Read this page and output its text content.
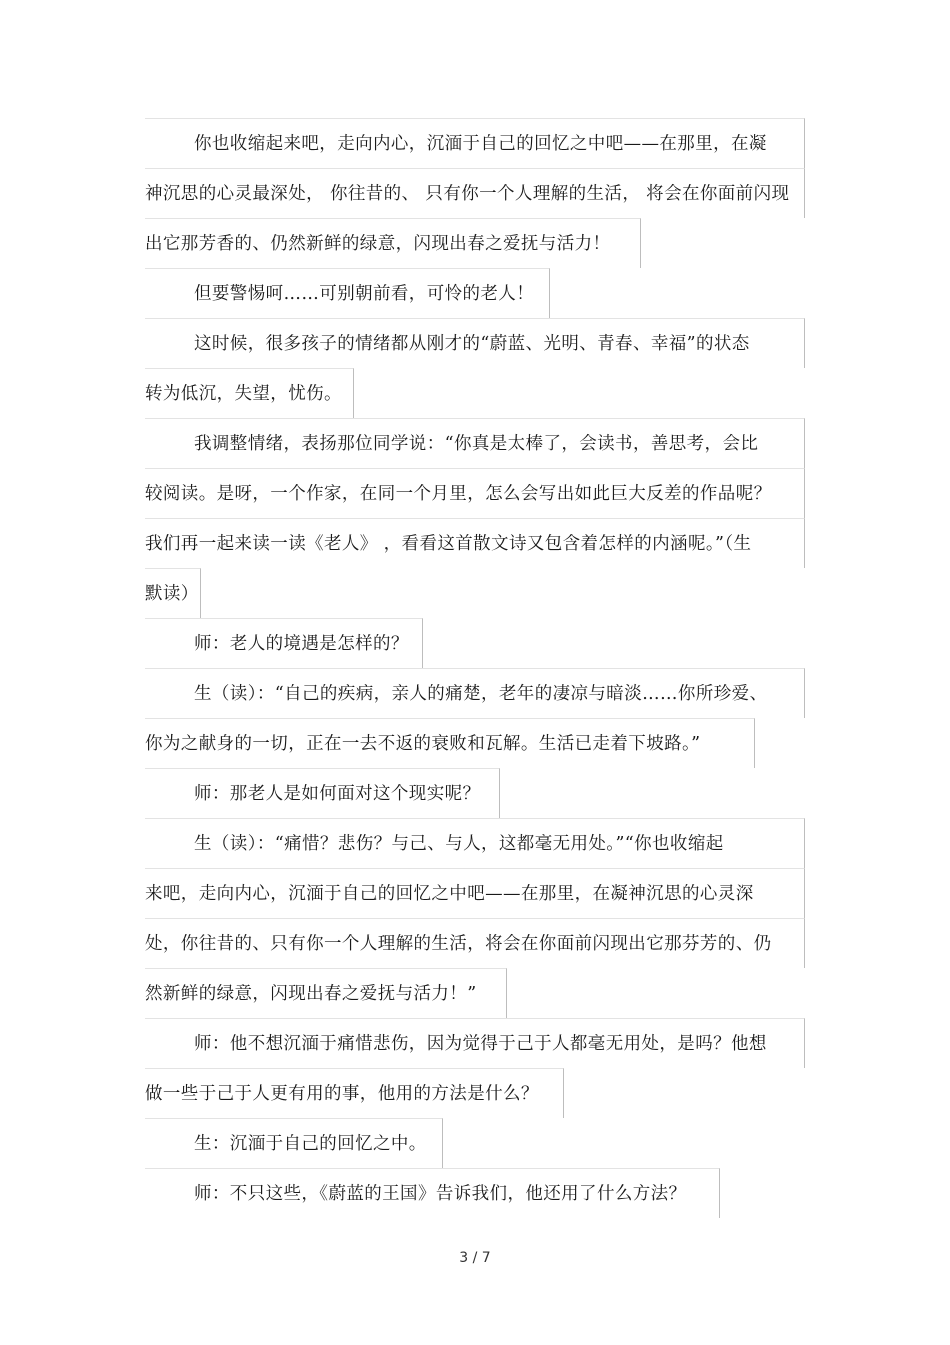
你也收缩起来吧，走向内心，沉湎于自己的回忆之中吧——在那里，在凝
神沉思的心灵最深处， 你往昔的、 只有你一个人理解的生活， 将会在你面前闪现
出它那芳香的、仍然新鲜的绿意，闪现出春之爱抚与活力！
但要警惕呵……可别朝前看，可怜的老人！
这时候，很多孩子的情绪都从刚才的“蔚蓝、光明、青春、幸福”的状态
转为低沉，失望，忧伤。
我调整情绪，表扬那位同学说：“你真是太棒了，会读书，善思考，会比
较阅读。是呀，一个作家，在同一个月里，怎么会写出如此巨大反差的作品呢？
我们再一起来读一读《老人》 ，看看这首散文诗又包含着怎样的内涵呢。”（生
默读）
师：老人的境遇是怎样的？
生（读）：“自己的疾病，亲人的痛楚，老年的凄凉与暗淡……你所珍爱、
你为之献身的一切，正在一去不返的衰败和瓦解。生活已走着下坡路。”
师：那老人是如何面对这个现实呢？
生（读）：“痛惜？悲伤？与己、与人，这都毫无用处。”“你也收缩起
来吧，走向内心，沉湎于自己的回忆之中吧——在那里，在凝神沉思的心灵深
处，你往昔的、只有你一个人理解的生活，将会在你面前闪现出它那芬芳的、仍
然新鲜的绿意，闪现出春之爱抚与活力！”
师：他不想沉湎于痛惜悲伤，因为觉得于己于人都毫无用处，是吗？他想
做一些于己于人更有用的事，他用的方法是什么？
生：沉湎于自己的回忆之中。
师：不只这些，《蔚蓝的王国》告诉我们，他还用了什么方法？
3 / 7
